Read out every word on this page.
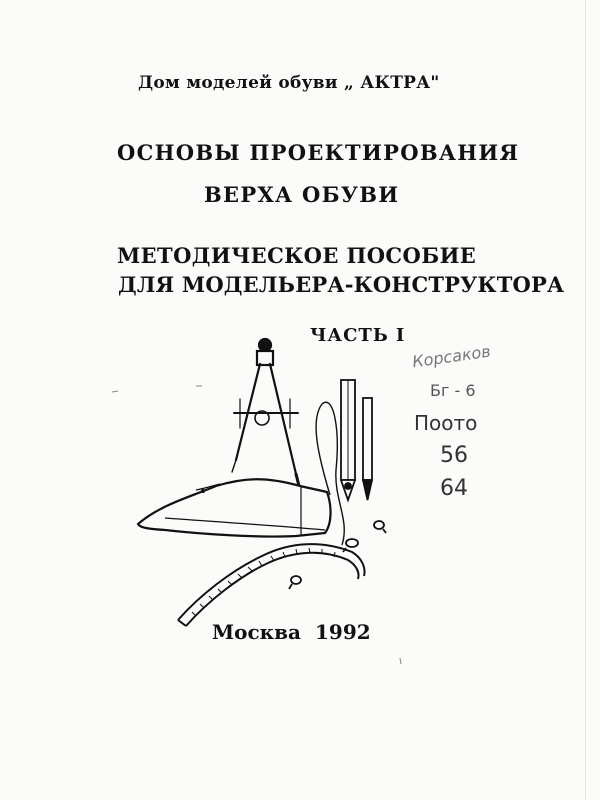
Дом моделей обуви „ АКТРА"
ОСНОВЫ ПРОЕКТИРОВАНИЯ
ВЕРХА ОБУВИ
МЕТОДИЧЕСКОЕ ПОСОБИЕ
ДЛЯ МОДЕЛЬЕРА-КОНСТРУКТОРА
ЧАСТЬ I
Корсаков
Бг - 6
Поото
56
64
Москва 1992
